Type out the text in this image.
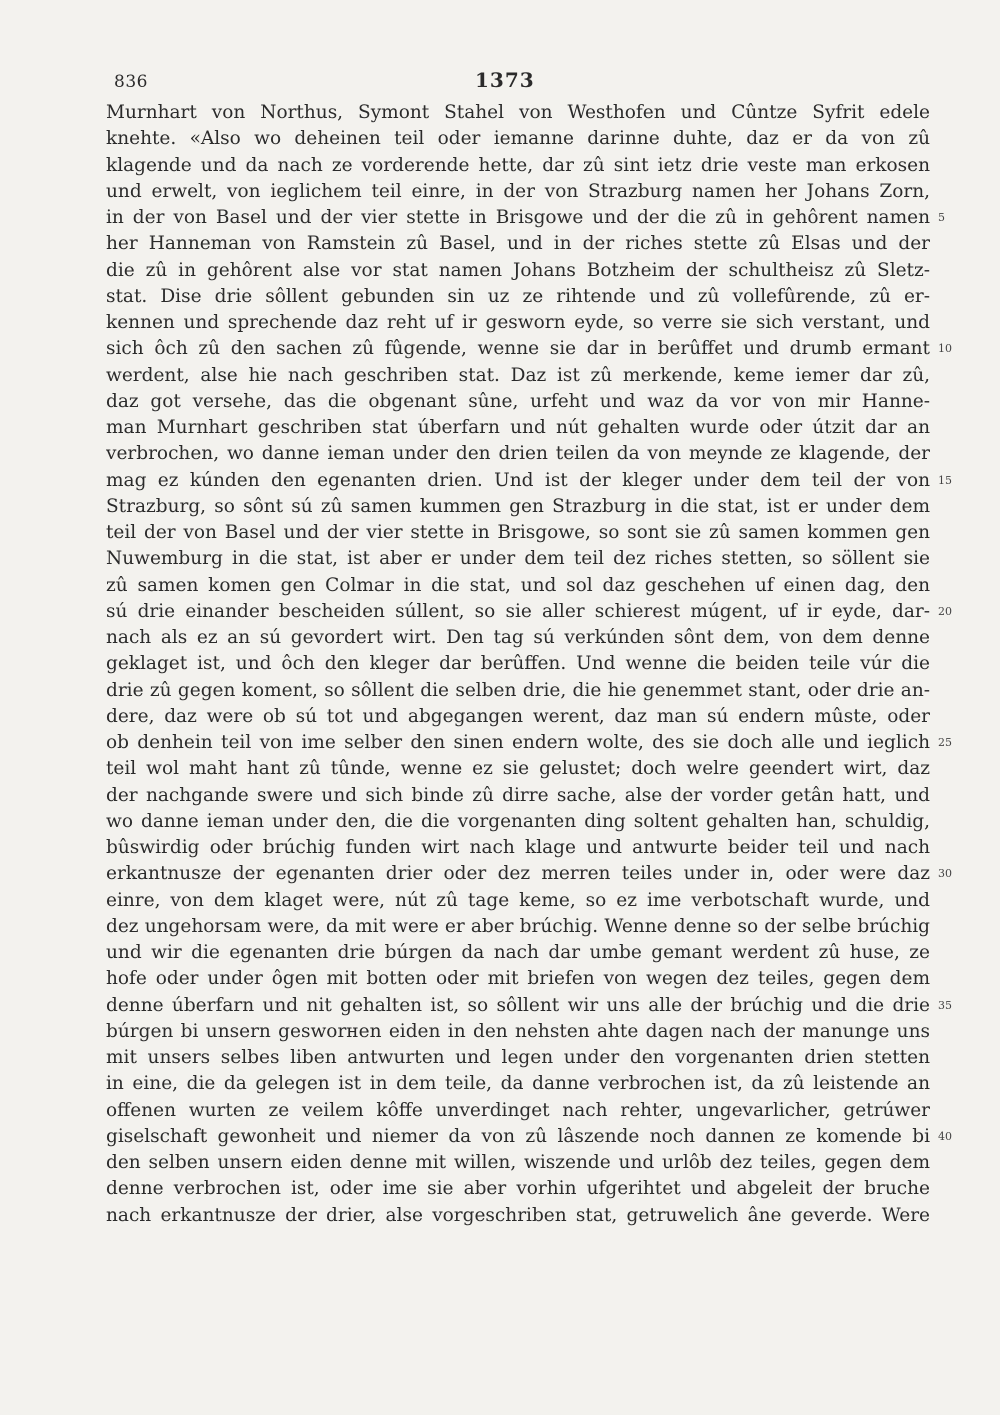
836	1373
Murnhart von Northus, Symont Stahel von Westhofen und Cûntze Syfrit edele
knehte. «Also wo deheinen teil oder iemanne darinne duhte, daz er da von zû
klagende und da nach ze vorderende hette, dar zû sint ietz drie veste man erkosen
und erwelt, von ieglichem teil einre, in der von Strazburg namen her Johans Zorn,
in der von Basel und der vier stette in Brisgowe und der die zû in gehôrent namen
her Hanneman von Ramstein zû Basel, und in der riches stette zû Elsas und der
die zû in gehôrent alse vor stat namen Johans Botzheim der schultheisz zû Sletz-
stat. Dise drie sôllent gebunden sin uz ze rihtende und zû vollefûrende, zû er-
kennen und sprechende daz reht uf ir gesworn eyde, so verre sie sich verstant, und
sich ôch zû den sachen zû fûgende, wenne sie dar in berûffet und drumb ermant
werdent, alse hie nach geschriben stat. Daz ist zû merkende, keme iemer dar zû,
daz got versehe, das die obgenant sûne, urfeht und waz da vor von mir Hanne-
man Murnhart geschriben stat úberfarn und nút gehalten wurde oder útzit dar an
verbrochen, wo danne ieman under den drien teilen da von meynde ze klagende, der
mag ez kúnden den egenanten drien. Und ist der kleger under dem teil der von
Strazburg, so sônt sú zû samen kummen gen Strazburg in die stat, ist er under dem
teil der von Basel und der vier stette in Brisgowe, so sont sie zû samen kommen gen
Nuwemburg in die stat, ist aber er under dem teil dez riches stetten, so söllent sie
zû samen komen gen Colmar in die stat, und sol daz geschehen uf einen dag, den
sú drie einander bescheiden súllent, so sie aller schierest múgent, uf ir eyde, dar-
nach als ez an sú gevordert wirt. Den tag sú verkúnden sônt dem, von dem denne
geklaget ist, und ôch den kleger dar berûffen. Und wenne die beiden teile vúr die
drie zû gegen koment, so sôllent die selben drie, die hie genemmet stant, oder drie an-
dere, daz were ob sú tot und abgegangen werent, daz man sú endern mûste, oder
ob denhein teil von ime selber den sinen endern wolte, des sie doch alle und ieglich
teil wol maht hant zû tûnde, wenne ez sie gelustet; doch welre geendert wirt, daz
der nachgande swere und sich binde zû dirre sache, alse der vorder getân hatt, und
wo danne ieman under den, die die vorgenanten ding soltent gehalten han, schuldig,
bûswirdig oder brúchig funden wirt nach klage und antwurte beider teil und nach
erkantnusze der egenanten drier oder dez merren teiles under in, oder were daz
einre, von dem klaget were, nút zû tage keme, so ez ime verbotschaft wurde, und
dez ungehorsam were, da mit were er aber brúchig. Wenne denne so der selbe brúchig
und wir die egenanten drie búrgen da nach dar umbe gemant werdent zû huse, ze
hofe oder under ôgen mit botten oder mit briefen von wegen dez teiles, gegen dem
denne úberfarn und nit gehalten ist, so sôllent wir uns alle der brúchig und die drie
búrgen bi unsern gesworнen eiden in den nehsten ahte dagen nach der manunge uns
mit unsers selbes liben antwurten und legen under den vorgenanten drien stetten
in eine, die da gelegen ist in dem teile, da danne verbrochen ist, da zû leistende an
offenen wurten ze veilem kôffe unverdinget nach rehter, ungevarlicher, getrúwer
giselschaft gewonheit und niemer da von zû lâszende noch dannen ze komende bi
den selben unsern eiden denne mit willen, wiszende und urlôb dez teiles, gegen dem
denne verbrochen ist, oder ime sie aber vorhin ufgerihtet und abgeleit der bruche
nach erkantnusze der drier, alse vorgeschriben stat, getruwelich âne geverde. Were
5
10
15
20
25
30
35
40
